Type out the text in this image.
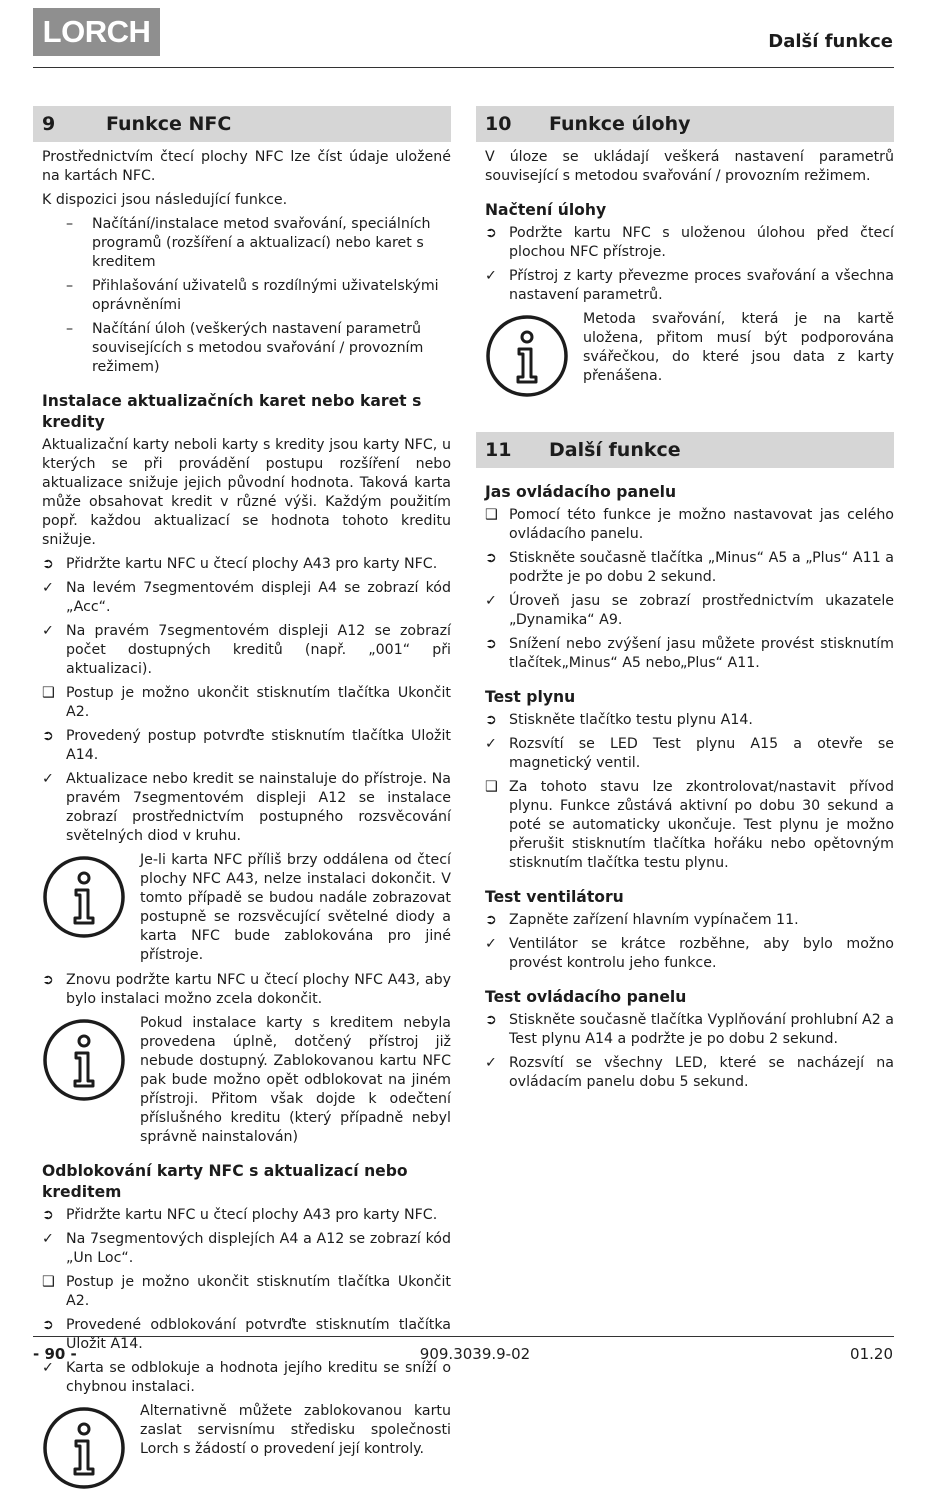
LORCH	Další funkce
9	Funkce NFC

Prostřednictvím čtecí plochy NFC lze číst údaje uložené na kartách NFC.

K dispozici jsou následující funkce.

– Načítání/instalace metod svařování, speciálních programů (rozšíření a aktualizací) nebo karet s kreditem
– Přihlašování uživatelů s rozdílnými uživatelskými oprávněními
– Načítání úloh (veškerých nastavení parametrů souvisejících s metodou svařování / provozním režimem)
Instalace aktualizačních karet nebo karet s kredity

Aktualizační karty neboli karty s kredity jsou karty NFC, u kterých se při provádění postupu rozšíření nebo aktualizace snižuje jejich původní hodnota. Taková karta může obsahovat kredit v různé výši. Každým použitím popř. každou aktualizací se hodnota tohoto kreditu snižuje.

➲ Přidržte kartu NFC u čtecí plochy A43 pro karty NFC.
✓ Na levém 7segmentovém displeji A4 se zobrazí kód „Acc“.
✓ Na pravém 7segmentovém displeji A12 se zobrazí počet dostupných kreditů (např. „001“ při aktualizaci).
❑ Postup je možno ukončit stisknutím tlačítka Ukončit A2.
➲ Provedený postup potvrďte stisknutím tlačítka Uložit A14.
✓ Aktualizace nebo kredit se nainstaluje do přístroje. Na pravém 7segmentovém displeji A12 se instalace zobrazí prostřednictvím postupného rozsvěcování světelných diod v kruhu.
Je-li karta NFC příliš brzy oddálena od čtecí plochy NFC A43, nelze instalaci dokončit. V tomto případě se budou nadále zobrazovat postupně se rozsvěcující světelné diody a karta NFC bude zablokována pro jiné přístroje.
➲ Znovu podržte kartu NFC u čtecí plochy NFC A43, aby bylo instalaci možno zcela dokončit.
Pokud instalace karty s kreditem nebyla provedena úplně, dotčený přístroj již nebude dostupný. Zablokovanou kartu NFC pak bude možno opět odblokovat na jiném přístroji. Přitom však dojde k odečtení příslušného kreditu (který případně nebyl správně nainstalován)
Odblokování karty NFC s aktualizací nebo kreditem
➲ Přidržte kartu NFC u čtecí plochy A43 pro karty NFC.
✓ Na 7segmentových displejích A4 a A12 se zobrazí kód „Un Loc“.
❑ Postup je možno ukončit stisknutím tlačítka Ukončit A2.
➲ Provedené odblokování potvrďte stisknutím tlačítka Uložit A14.
✓ Karta se odblokuje a hodnota jejího kreditu se sníží o chybnou instalaci.
Alternativně můžete zablokovanou kartu zaslat servisnímu středisku společnosti Lorch s žádostí o provedení její kontroly.
10 Funkce úlohy

V úloze se ukládají veškerá nastavení parametrů související s metodou svařování / provozním režimem.

Načtení úlohy
➲ Podržte kartu NFC s uloženou úlohou před čtecí plochou NFC přístroje.
✓ Přístroj z karty převezme proces svařování a všechna nastavení parametrů.
Metoda svařování, která je na kartě uložena, přitom musí být podporována svářečkou, do které jsou data z karty přenášena.
11 Další funkce
Jas ovládacího panelu
❑ Pomocí této funkce je možno nastavovat jas celého ovládacího panelu.
➲ Stiskněte současně tlačítka „Minus“ A5 a „Plus“ A11 a podržte je po dobu 2 sekund.
✓ Úroveň jasu se zobrazí prostřednictvím ukazatele „Dynamika“ A9.
➲ Snížení nebo zvýšení jasu můžete provést stisknutím tlačítek„Minus“ A5 nebo„Plus“ A11.
Test plynu
➲ Stiskněte tlačítko testu plynu A14.
✓ Rozsvítí se LED Test plynu A15 a otevře se magnetický ventil.
❑ Za tohoto stavu lze zkontrolovat/nastavit přívod plynu. Funkce zůstává aktivní po dobu 30 sekund a poté se automaticky ukončuje. Test plynu je možno přerušit stisknutím tlačítka hořáku nebo opětovným stisknutím tlačítka testu plynu.
Test ventilátoru
➲ Zapněte zařízení hlavním vypínačem 11.
✓ Ventilátor se krátce rozběhne, aby bylo možno provést kontrolu jeho funkce.
Test ovládacího panelu
➲ Stiskněte současně tlačítka Vyplňování prohlubní A2 a Test plynu A14 a podržte je po dobu 2 sekund.
✓ Rozsvítí se všechny LED, které se nacházejí na ovládacím panelu dobu 5 sekund.
- 90 -	909.3039.9-02	01.20
